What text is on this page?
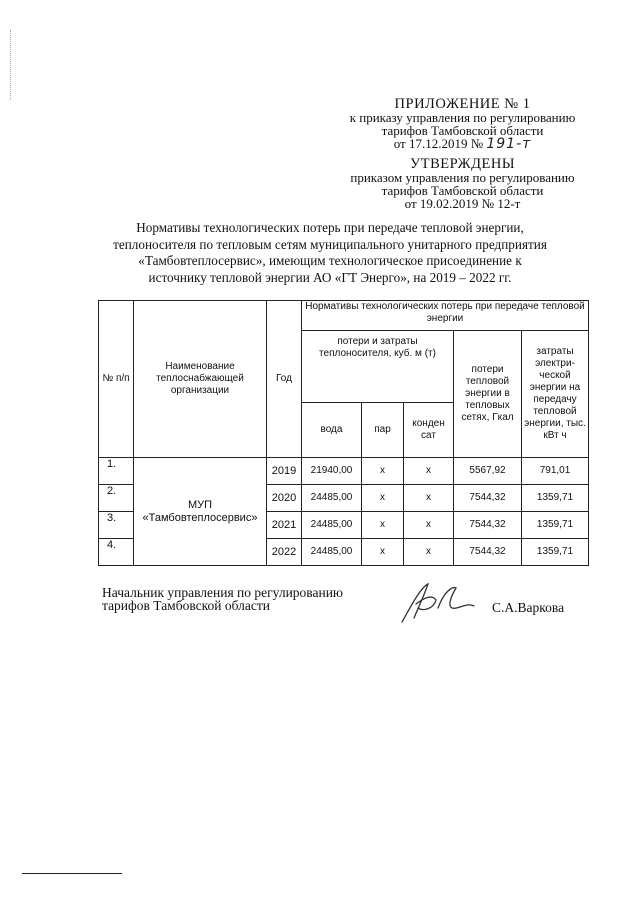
ПРИЛОЖЕНИЕ № 1
к приказу управления по регулированию
тарифов Тамбовской области
от 17.12.2019 № 191-т
УТВЕРЖДЕНЫ
приказом управления по регулированию
тарифов Тамбовской области
от 19.02.2019 № 12-т
Нормативы технологических потерь при передаче тепловой энергии,
теплоносителя по тепловым сетям муниципального унитарного предприятия
«Тамбовтеплосервис», имеющим технологическое присоединение к
источнику тепловой энергии АО «ГТ Энерго», на 2019 – 2022 гг.
№ п/п	Наименование теплоснабжающей организации	Год	Нормативы технологических потерь при передаче тепловой энергии				
			потери и затраты теплоносителя, куб. м (т)			потери тепловой энергии в тепловых сетях, Гкал	затраты электри-ческой энергии на передачу тепловой энергии, тыс. кВт ч
			вода	пар	конден сат		
1.	МУП
«Тамбовтеплосервис»	2019	21940,00	х	х	5567,92	791,01
2.		2020	24485,00	х	х	7544,32	1359,71
3.		2021	24485,00	х	х	7544,32	1359,71
4.		2022	24485,00	х	х	7544,32	1359,71
Начальник управления по регулированию
тарифов Тамбовской области	С.А.Варкова
